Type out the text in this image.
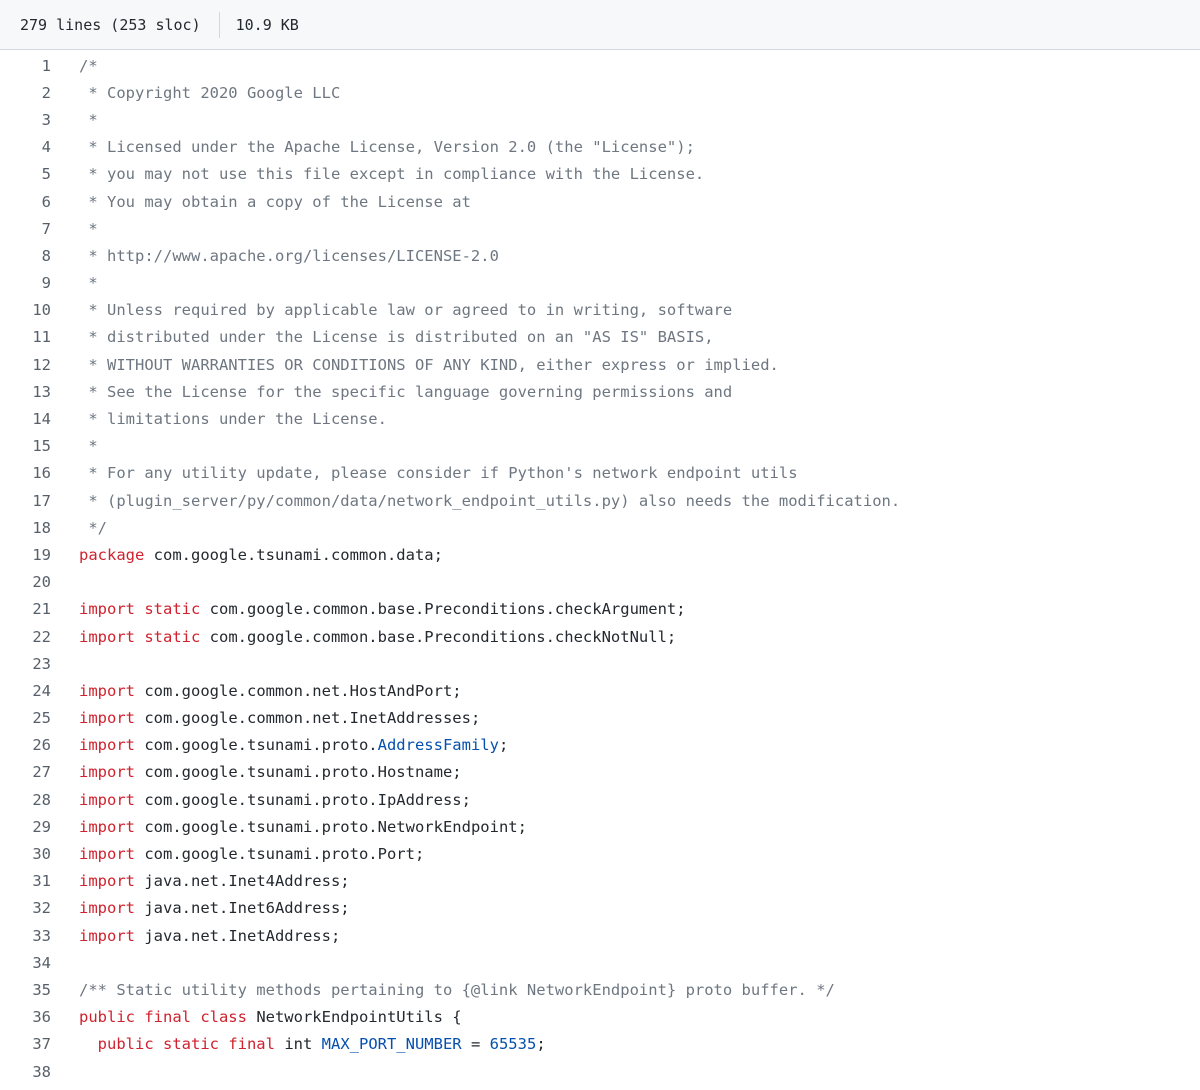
279 lines (253 sloc) 10.9 KB
1	/*
2	* Copyright 2020 Google LLC
3	*
4	* Licensed under the Apache License, Version 2.0 (the "License");
5	* you may not use this file except in compliance with the License.
6	* You may obtain a copy of the License at
7	*
8	* http://www.apache.org/licenses/LICENSE-2.0
9	*
10	* Unless required by applicable law or agreed to in writing, software
11	* distributed under the License is distributed on an "AS IS" BASIS,
12	* WITHOUT WARRANTIES OR CONDITIONS OF ANY KIND, either express or implied.
13	* See the License for the specific language governing permissions and
14	* limitations under the License.
15	*
16	* For any utility update, please consider if Python's network endpoint utils
17	* (plugin_server/py/common/data/network_endpoint_utils.py) also needs the modification.
18	*/
19	package com.google.tsunami.common.data;
20
21	import static com.google.common.base.Preconditions.checkArgument;
22	import static com.google.common.base.Preconditions.checkNotNull;
23
24	import com.google.common.net.HostAndPort;
25	import com.google.common.net.InetAddresses;
26	import com.google.tsunami.proto.AddressFamily;
27	import com.google.tsunami.proto.Hostname;
28	import com.google.tsunami.proto.IpAddress;
29	import com.google.tsunami.proto.NetworkEndpoint;
30	import com.google.tsunami.proto.Port;
31	import java.net.Inet4Address;
32	import java.net.Inet6Address;
33	import java.net.InetAddress;
34
35	/** Static utility methods pertaining to {@link NetworkEndpoint} proto buffer. */
36	public final class NetworkEndpointUtils {
37	public static final int MAX_PORT_NUMBER = 65535;
38
